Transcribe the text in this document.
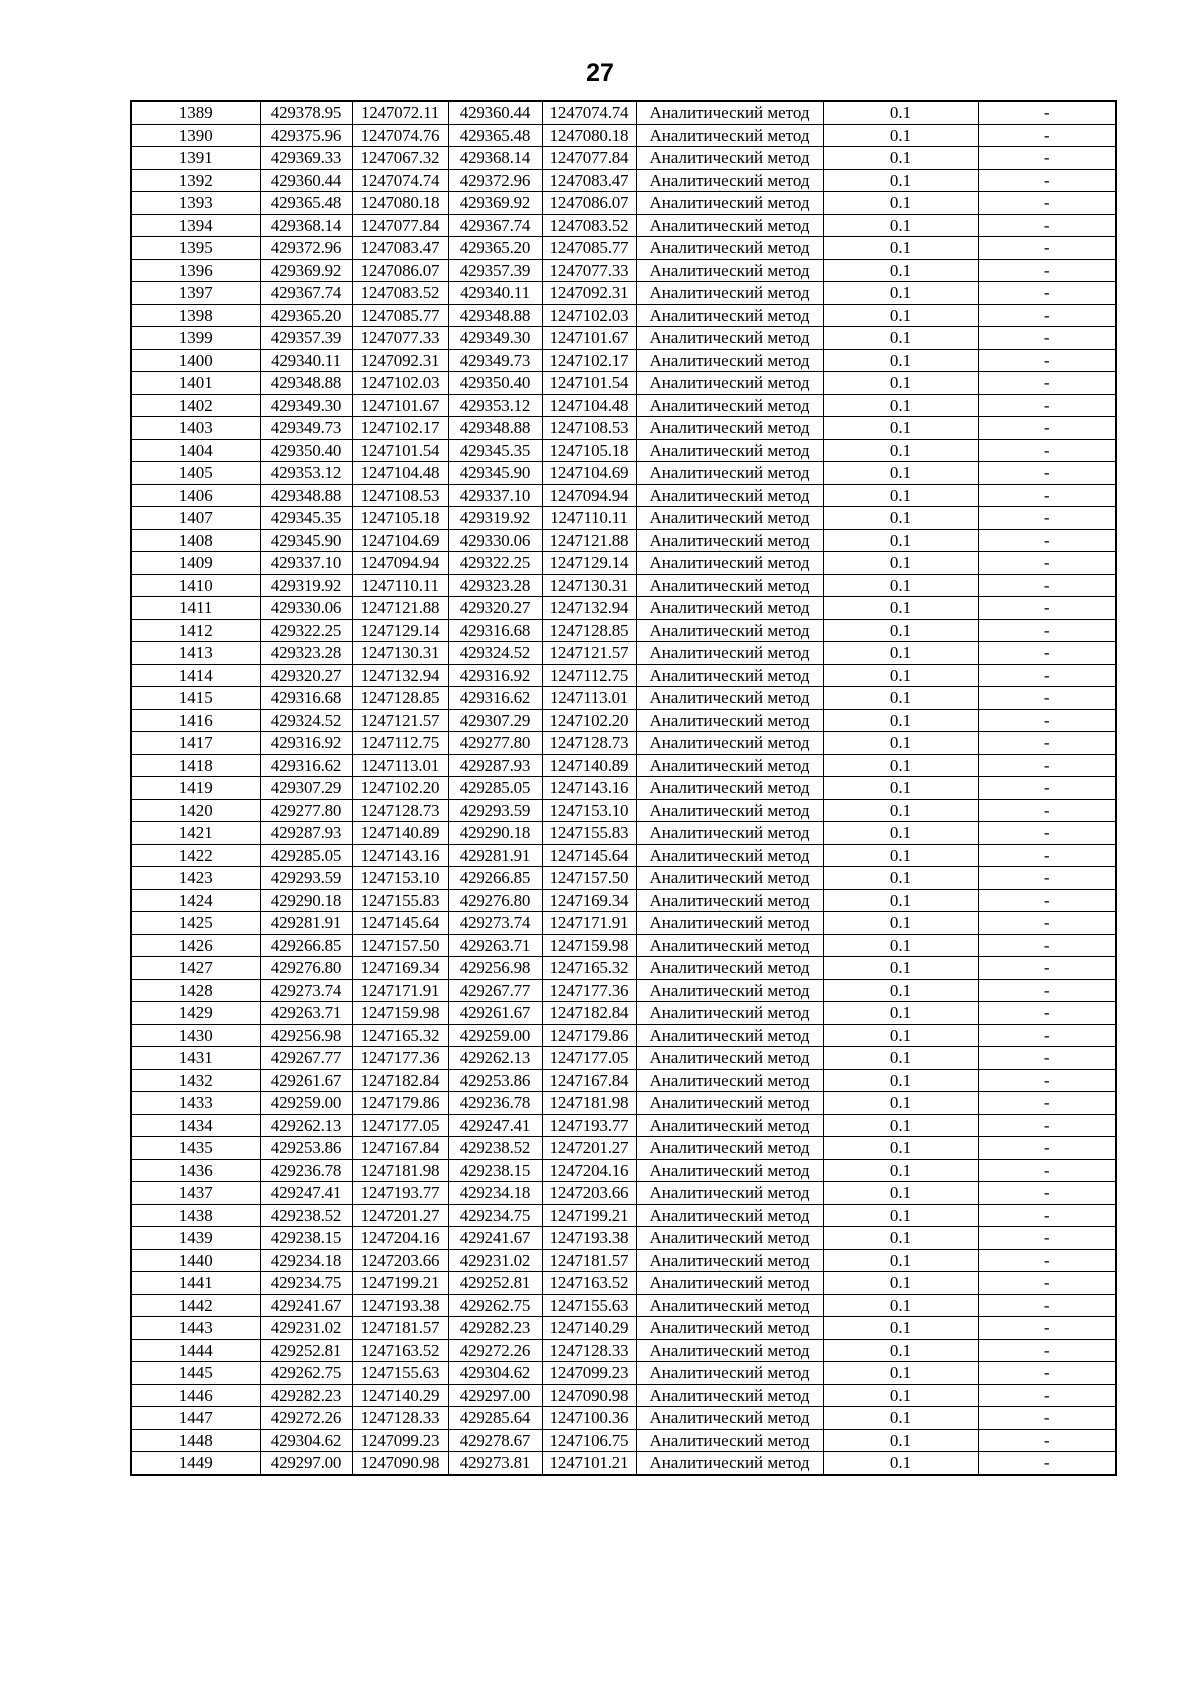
27
1389	429378.95	1247072.11	429360.44	1247074.74	Аналитический метод	0.1	-
1390	429375.96	1247074.76	429365.48	1247080.18	Аналитический метод	0.1	-
1391	429369.33	1247067.32	429368.14	1247077.84	Аналитический метод	0.1	-
1392	429360.44	1247074.74	429372.96	1247083.47	Аналитический метод	0.1	-
1393	429365.48	1247080.18	429369.92	1247086.07	Аналитический метод	0.1	-
1394	429368.14	1247077.84	429367.74	1247083.52	Аналитический метод	0.1	-
1395	429372.96	1247083.47	429365.20	1247085.77	Аналитический метод	0.1	-
1396	429369.92	1247086.07	429357.39	1247077.33	Аналитический метод	0.1	-
1397	429367.74	1247083.52	429340.11	1247092.31	Аналитический метод	0.1	-
1398	429365.20	1247085.77	429348.88	1247102.03	Аналитический метод	0.1	-
1399	429357.39	1247077.33	429349.30	1247101.67	Аналитический метод	0.1	-
1400	429340.11	1247092.31	429349.73	1247102.17	Аналитический метод	0.1	-
1401	429348.88	1247102.03	429350.40	1247101.54	Аналитический метод	0.1	-
1402	429349.30	1247101.67	429353.12	1247104.48	Аналитический метод	0.1	-
1403	429349.73	1247102.17	429348.88	1247108.53	Аналитический метод	0.1	-
1404	429350.40	1247101.54	429345.35	1247105.18	Аналитический метод	0.1	-
1405	429353.12	1247104.48	429345.90	1247104.69	Аналитический метод	0.1	-
1406	429348.88	1247108.53	429337.10	1247094.94	Аналитический метод	0.1	-
1407	429345.35	1247105.18	429319.92	1247110.11	Аналитический метод	0.1	-
1408	429345.90	1247104.69	429330.06	1247121.88	Аналитический метод	0.1	-
1409	429337.10	1247094.94	429322.25	1247129.14	Аналитический метод	0.1	-
1410	429319.92	1247110.11	429323.28	1247130.31	Аналитический метод	0.1	-
1411	429330.06	1247121.88	429320.27	1247132.94	Аналитический метод	0.1	-
1412	429322.25	1247129.14	429316.68	1247128.85	Аналитический метод	0.1	-
1413	429323.28	1247130.31	429324.52	1247121.57	Аналитический метод	0.1	-
1414	429320.27	1247132.94	429316.92	1247112.75	Аналитический метод	0.1	-
1415	429316.68	1247128.85	429316.62	1247113.01	Аналитический метод	0.1	-
1416	429324.52	1247121.57	429307.29	1247102.20	Аналитический метод	0.1	-
1417	429316.92	1247112.75	429277.80	1247128.73	Аналитический метод	0.1	-
1418	429316.62	1247113.01	429287.93	1247140.89	Аналитический метод	0.1	-
1419	429307.29	1247102.20	429285.05	1247143.16	Аналитический метод	0.1	-
1420	429277.80	1247128.73	429293.59	1247153.10	Аналитический метод	0.1	-
1421	429287.93	1247140.89	429290.18	1247155.83	Аналитический метод	0.1	-
1422	429285.05	1247143.16	429281.91	1247145.64	Аналитический метод	0.1	-
1423	429293.59	1247153.10	429266.85	1247157.50	Аналитический метод	0.1	-
1424	429290.18	1247155.83	429276.80	1247169.34	Аналитический метод	0.1	-
1425	429281.91	1247145.64	429273.74	1247171.91	Аналитический метод	0.1	-
1426	429266.85	1247157.50	429263.71	1247159.98	Аналитический метод	0.1	-
1427	429276.80	1247169.34	429256.98	1247165.32	Аналитический метод	0.1	-
1428	429273.74	1247171.91	429267.77	1247177.36	Аналитический метод	0.1	-
1429	429263.71	1247159.98	429261.67	1247182.84	Аналитический метод	0.1	-
1430	429256.98	1247165.32	429259.00	1247179.86	Аналитический метод	0.1	-
1431	429267.77	1247177.36	429262.13	1247177.05	Аналитический метод	0.1	-
1432	429261.67	1247182.84	429253.86	1247167.84	Аналитический метод	0.1	-
1433	429259.00	1247179.86	429236.78	1247181.98	Аналитический метод	0.1	-
1434	429262.13	1247177.05	429247.41	1247193.77	Аналитический метод	0.1	-
1435	429253.86	1247167.84	429238.52	1247201.27	Аналитический метод	0.1	-
1436	429236.78	1247181.98	429238.15	1247204.16	Аналитический метод	0.1	-
1437	429247.41	1247193.77	429234.18	1247203.66	Аналитический метод	0.1	-
1438	429238.52	1247201.27	429234.75	1247199.21	Аналитический метод	0.1	-
1439	429238.15	1247204.16	429241.67	1247193.38	Аналитический метод	0.1	-
1440	429234.18	1247203.66	429231.02	1247181.57	Аналитический метод	0.1	-
1441	429234.75	1247199.21	429252.81	1247163.52	Аналитический метод	0.1	-
1442	429241.67	1247193.38	429262.75	1247155.63	Аналитический метод	0.1	-
1443	429231.02	1247181.57	429282.23	1247140.29	Аналитический метод	0.1	-
1444	429252.81	1247163.52	429272.26	1247128.33	Аналитический метод	0.1	-
1445	429262.75	1247155.63	429304.62	1247099.23	Аналитический метод	0.1	-
1446	429282.23	1247140.29	429297.00	1247090.98	Аналитический метод	0.1	-
1447	429272.26	1247128.33	429285.64	1247100.36	Аналитический метод	0.1	-
1448	429304.62	1247099.23	429278.67	1247106.75	Аналитический метод	0.1	-
1449	429297.00	1247090.98	429273.81	1247101.21	Аналитический метод	0.1	-
